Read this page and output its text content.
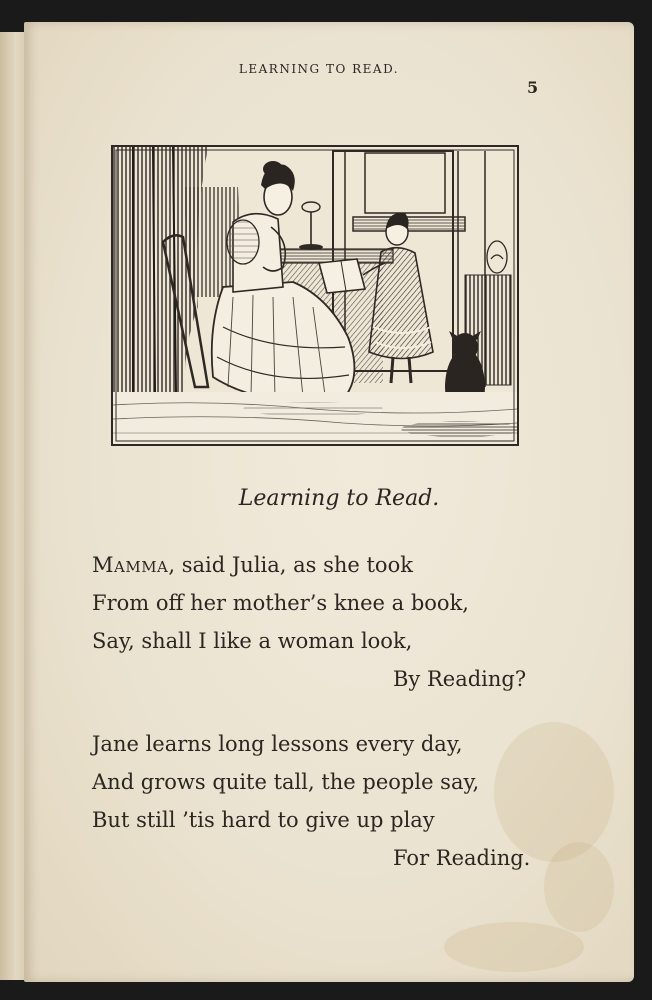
LEARNING TO READ.
5
Learning to Read.
Mamma, said Julia, as she took
From off her mother’s knee a book,
Say, shall I like a woman look,
By Reading?
Jane learns long lessons every day,
And grows quite tall, the people say,
But still ’tis hard to give up play
For Reading.
